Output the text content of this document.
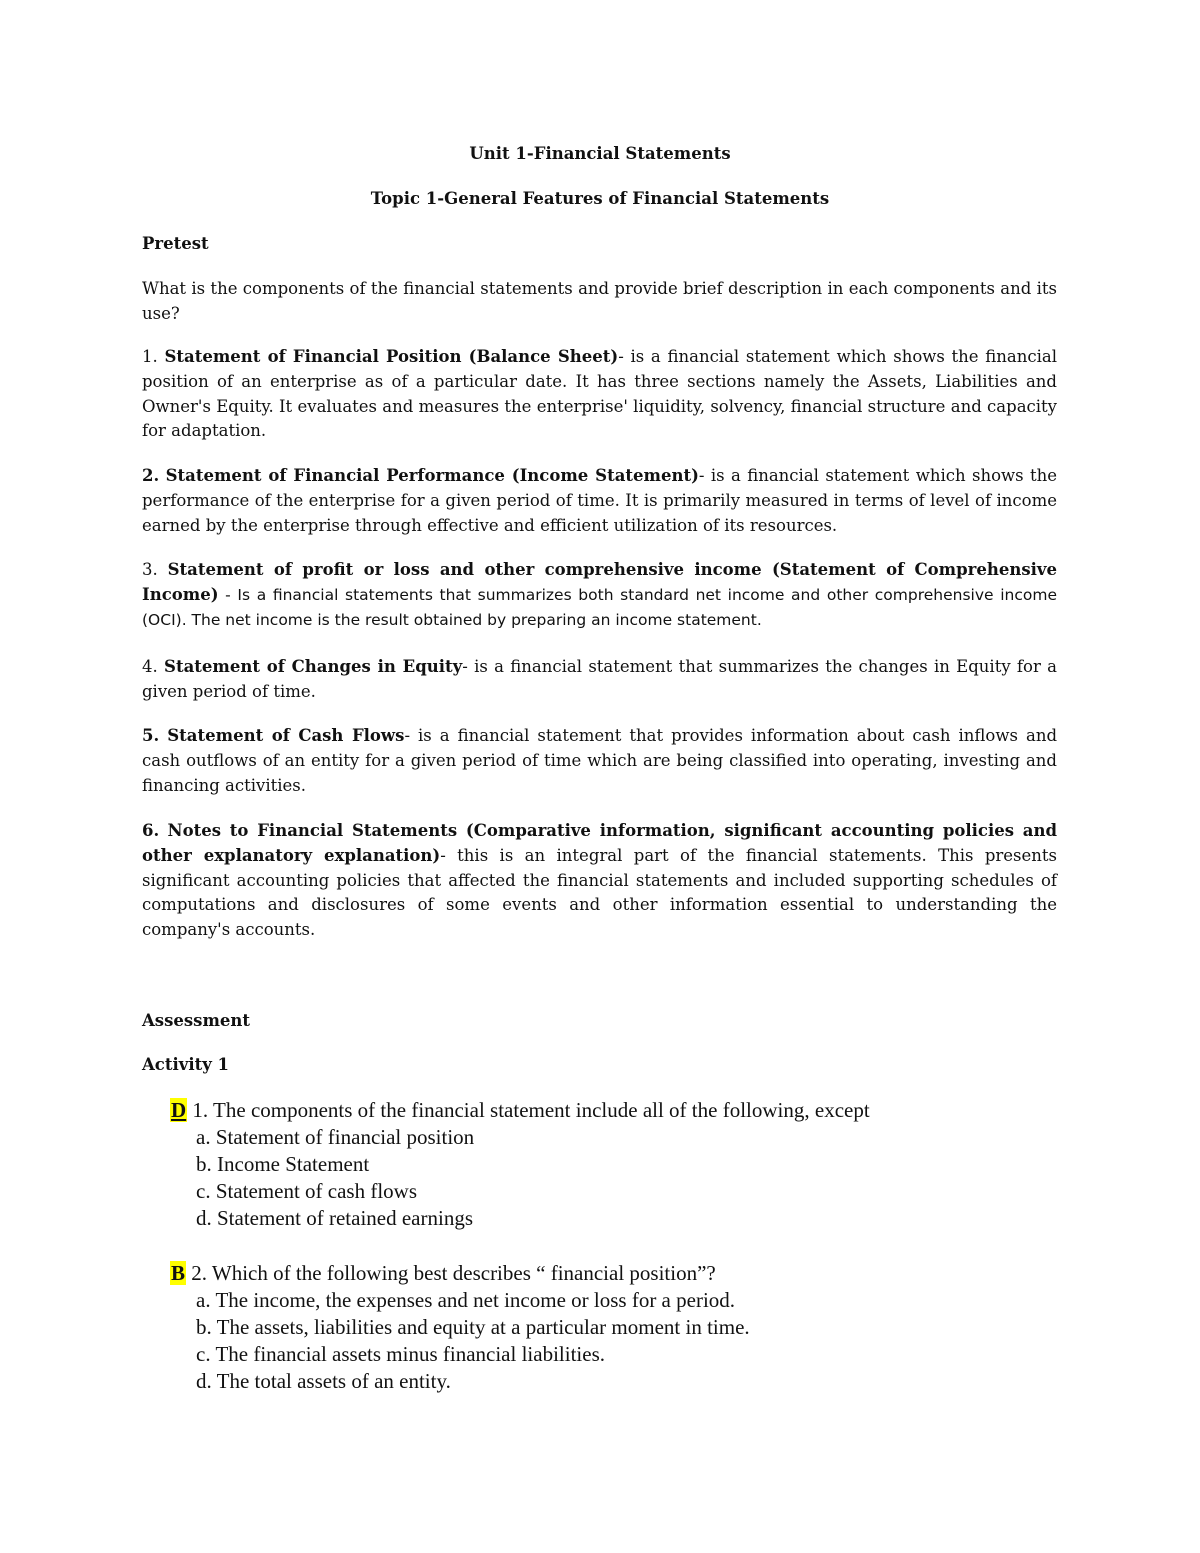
Unit 1-Financial Statements
Topic 1-General Features of Financial Statements
Pretest
What is the components of the financial statements and provide brief description in each components and its use?
1. Statement of Financial Position (Balance Sheet)- is a financial statement which shows the financial position of an enterprise as of a particular date. It has three sections namely the Assets, Liabilities and Owner's Equity. It evaluates and measures the enterprise' liquidity, solvency, financial structure and capacity for adaptation.
2. Statement of Financial Performance (Income Statement)- is a financial statement which shows the performance of the enterprise for a given period of time. It is primarily measured in terms of level of income earned by the enterprise through effective and efficient utilization of its resources.
3. Statement of profit or loss and other comprehensive income (Statement of Comprehensive Income) - Is a financial statements that summarizes both standard net income and other comprehensive income (OCI). The net income is the result obtained by preparing an income statement.
4. Statement of Changes in Equity- is a financial statement that summarizes the changes in Equity for a given period of time.
5. Statement of Cash Flows- is a financial statement that provides information about cash inflows and cash outflows of an entity for a given period of time which are being classified into operating, investing and financing activities.
6. Notes to Financial Statements (Comparative information, significant accounting policies and other explanatory explanation)- this is an integral part of the financial statements. This presents significant accounting policies that affected the financial statements and included supporting schedules of computations and disclosures of some events and other information essential to understanding the company's accounts.
Assessment
Activity 1
D 1. The components of the financial statement include all of the following, except
a. Statement of financial position
b. Income Statement
c. Statement of cash flows
d. Statement of retained earnings
B 2. Which of the following best describes “ financial position”?
a. The income, the expenses and net income or loss for a period.
b. The assets, liabilities and equity at a particular moment in time.
c. The financial assets minus financial liabilities.
d. The total assets of an entity.
